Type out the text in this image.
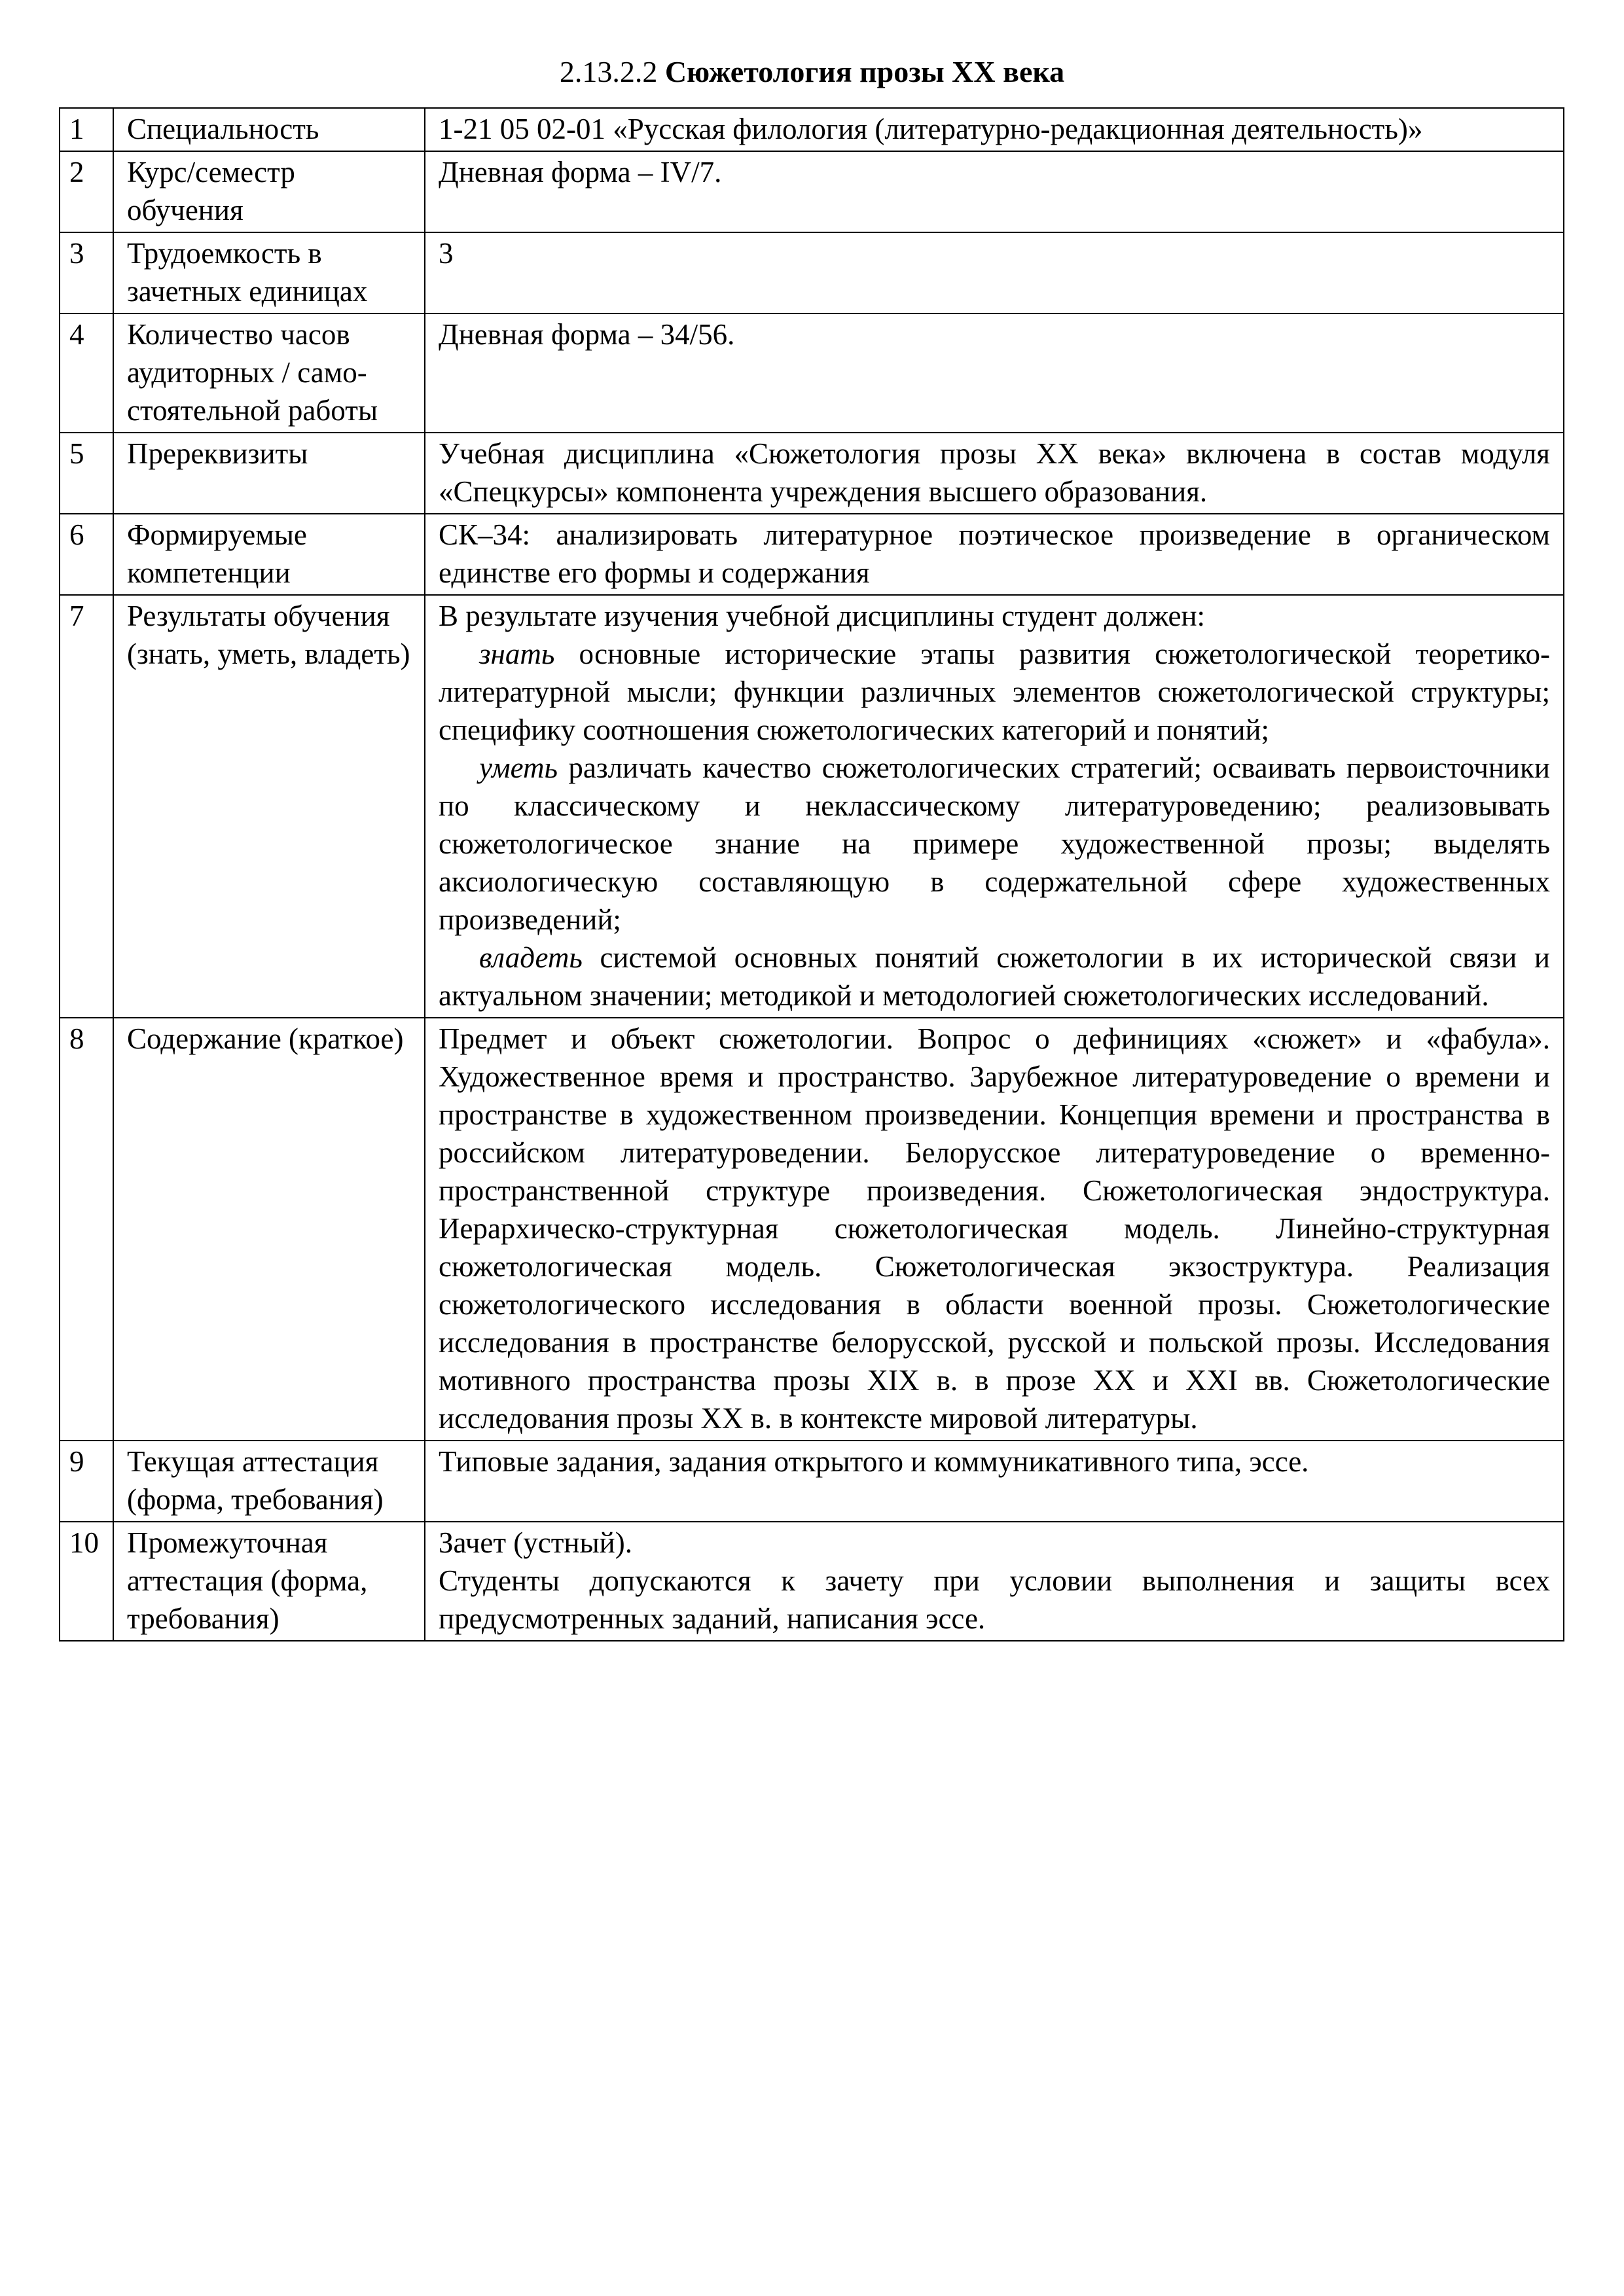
2.13.2.2 Сюжетология прозы ХХ века
1	Специальность	1-21 05 02-01 «Русская филология (литературно-редакционная деятельность)»
2	Курс/семестр обучения	Дневная форма – IV/7.
3	Трудоемкость в зачетных единицах	3
4	Количество часов аудиторных / само-стоятельной работы	Дневная форма – 34/56.
5	Пререквизиты	Учебная дисциплина «Сюжетология прозы ХХ века» включена в состав модуля «Спецкурсы» компонента учреждения высшего образования.
6	Формируемые компетенции	СК–34: анализировать литературное поэтическое произведение в органическом единстве его формы и содержания
7	Результаты обучения (знать, уметь, владеть)	В результате изучения учебной дисциплины студент должен:
знать основные исторические этапы развития сюжетологической теоретико-литературной мысли; функции различных элементов сюжетологической структуры; специфику соотношения сюжетологических категорий и понятий;
уметь различать качество сюжетологических стратегий; осваивать первоисточники по классическому и неклассическому литературоведению; реализовывать сюжетологическое знание на примере художественной прозы; выделять аксиологическую составляющую в содержательной сфере художественных произведений;
владеть системой основных понятий сюжетологии в их исторической связи и актуальном значении; методикой и методологией сюжетологических исследований.

8	Содержание (краткое)	Предмет и объект сюжетологии. Вопрос о дефинициях «сюжет» и «фабула». Художественное время и пространство. Зарубежное литературоведение о времени и пространстве в художественном произведении. Концепция времени и пространства в российском литературоведении. Белорусское литературоведение о временно-пространственной структуре произведения. Сюжетологическая эндоструктура. Иерархическо-структурная сюжетологическая модель. Линейно-структурная сюжетологическая модель. Сюжетологическая экзоструктура. Реализация сюжетологического исследования в области военной прозы. Сюжетологические исследования в пространстве белорусской, русской и польской прозы. Исследования мотивного пространства прозы XIX в. в прозе XX и XXI вв. Сюжетологические исследования прозы XX в. в контексте мировой литературы.
9	Текущая аттестация (форма, требования)	Типовые задания, задания открытого и коммуникативного типа, эссе.
10	Промежуточная аттестация (форма, требования)	Зачет (устный).
Студенты допускаются к зачету при условии выполнения и защиты всех предусмотренных заданий, написания эссе.
